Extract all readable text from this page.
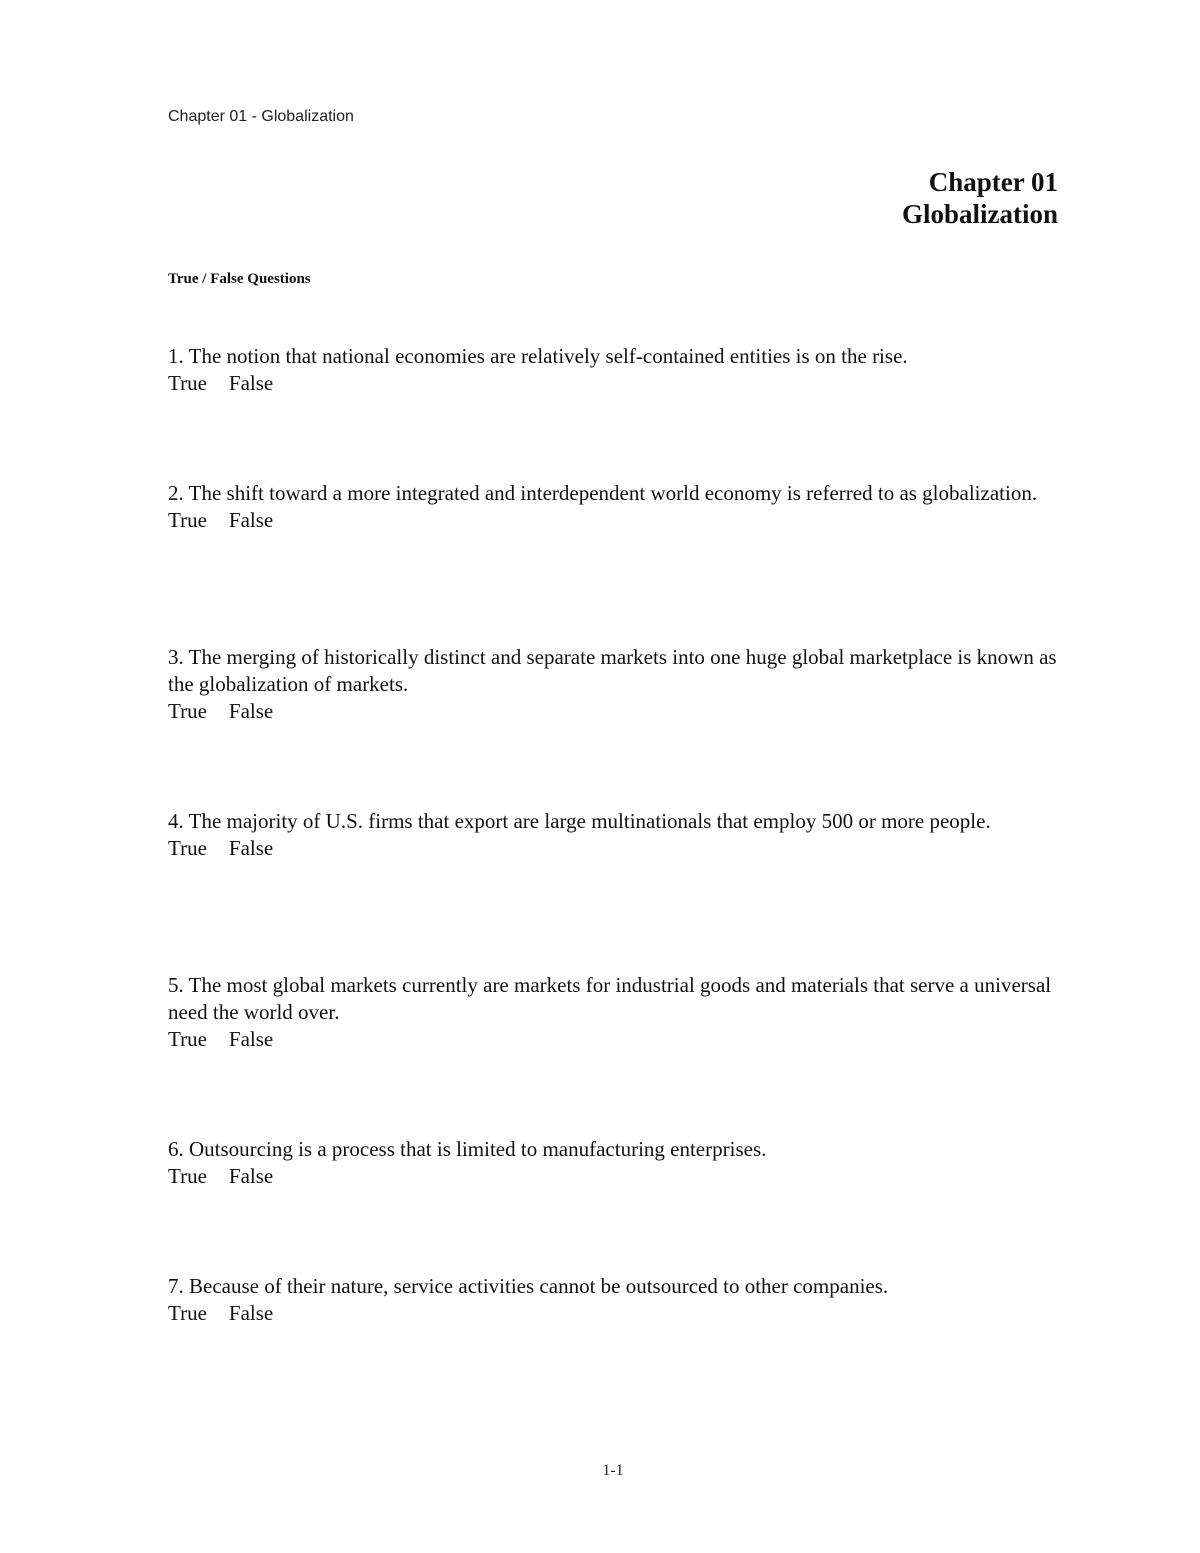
Chapter 01 - Globalization
Chapter 01
Globalization
True / False Questions
1. The notion that national economies are relatively self-contained entities is on the rise.
True False
2. The shift toward a more integrated and interdependent world economy is referred to as globalization.
True False
3. The merging of historically distinct and separate markets into one huge global marketplace is known as the globalization of markets.
True False
4. The majority of U.S. firms that export are large multinationals that employ 500 or more people.
True False
5. The most global markets currently are markets for industrial goods and materials that serve a universal need the world over.
True False
6. Outsourcing is a process that is limited to manufacturing enterprises.
True False
7. Because of their nature, service activities cannot be outsourced to other companies.
True False
1-1
